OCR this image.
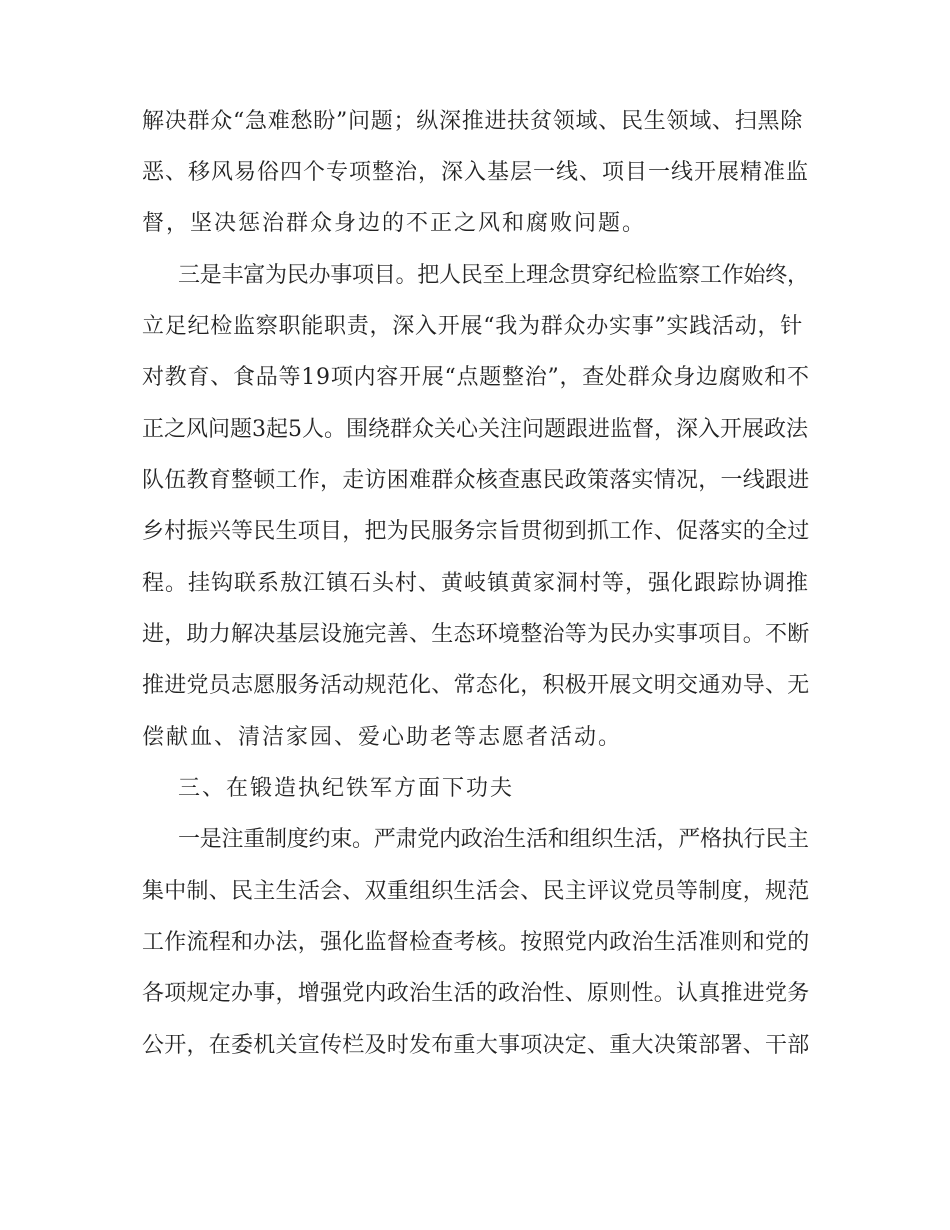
解决群众“急难愁盼”问题；纵深推进扶贫领域、民生领域、扫黑除
恶、移风易俗四个专项整治，深入基层一线、项目一线开展精准监
督，坚决惩治群众身边的不正之风和腐败问题。
三是丰富为民办事项目。把人民至上理念贯穿纪检监察工作始终，
立足纪检监察职能职责，深入开展“我为群众办实事”实践活动，针
对教育、食品等19项内容开展“点题整治”，查处群众身边腐败和不
正之风问题3起5人。围绕群众关心关注问题跟进监督，深入开展政法
队伍教育整顿工作，走访困难群众核查惠民政策落实情况，一线跟进
乡村振兴等民生项目，把为民服务宗旨贯彻到抓工作、促落实的全过
程。挂钩联系敖江镇石头村、黄岐镇黄家洞村等，强化跟踪协调推
进，助力解决基层设施完善、生态环境整治等为民办实事项目。不断
推进党员志愿服务活动规范化、常态化，积极开展文明交通劝导、无
偿献血、清洁家园、爱心助老等志愿者活动。
三、在锻造执纪铁军方面下功夫
一是注重制度约束。严肃党内政治生活和组织生活，严格执行民主
集中制、民主生活会、双重组织生活会、民主评议党员等制度，规范
工作流程和办法，强化监督检查考核。按照党内政治生活准则和党的
各项规定办事，增强党内政治生活的政治性、原则性。认真推进党务
公开，在委机关宣传栏及时发布重大事项决定、重大决策部署、干部
